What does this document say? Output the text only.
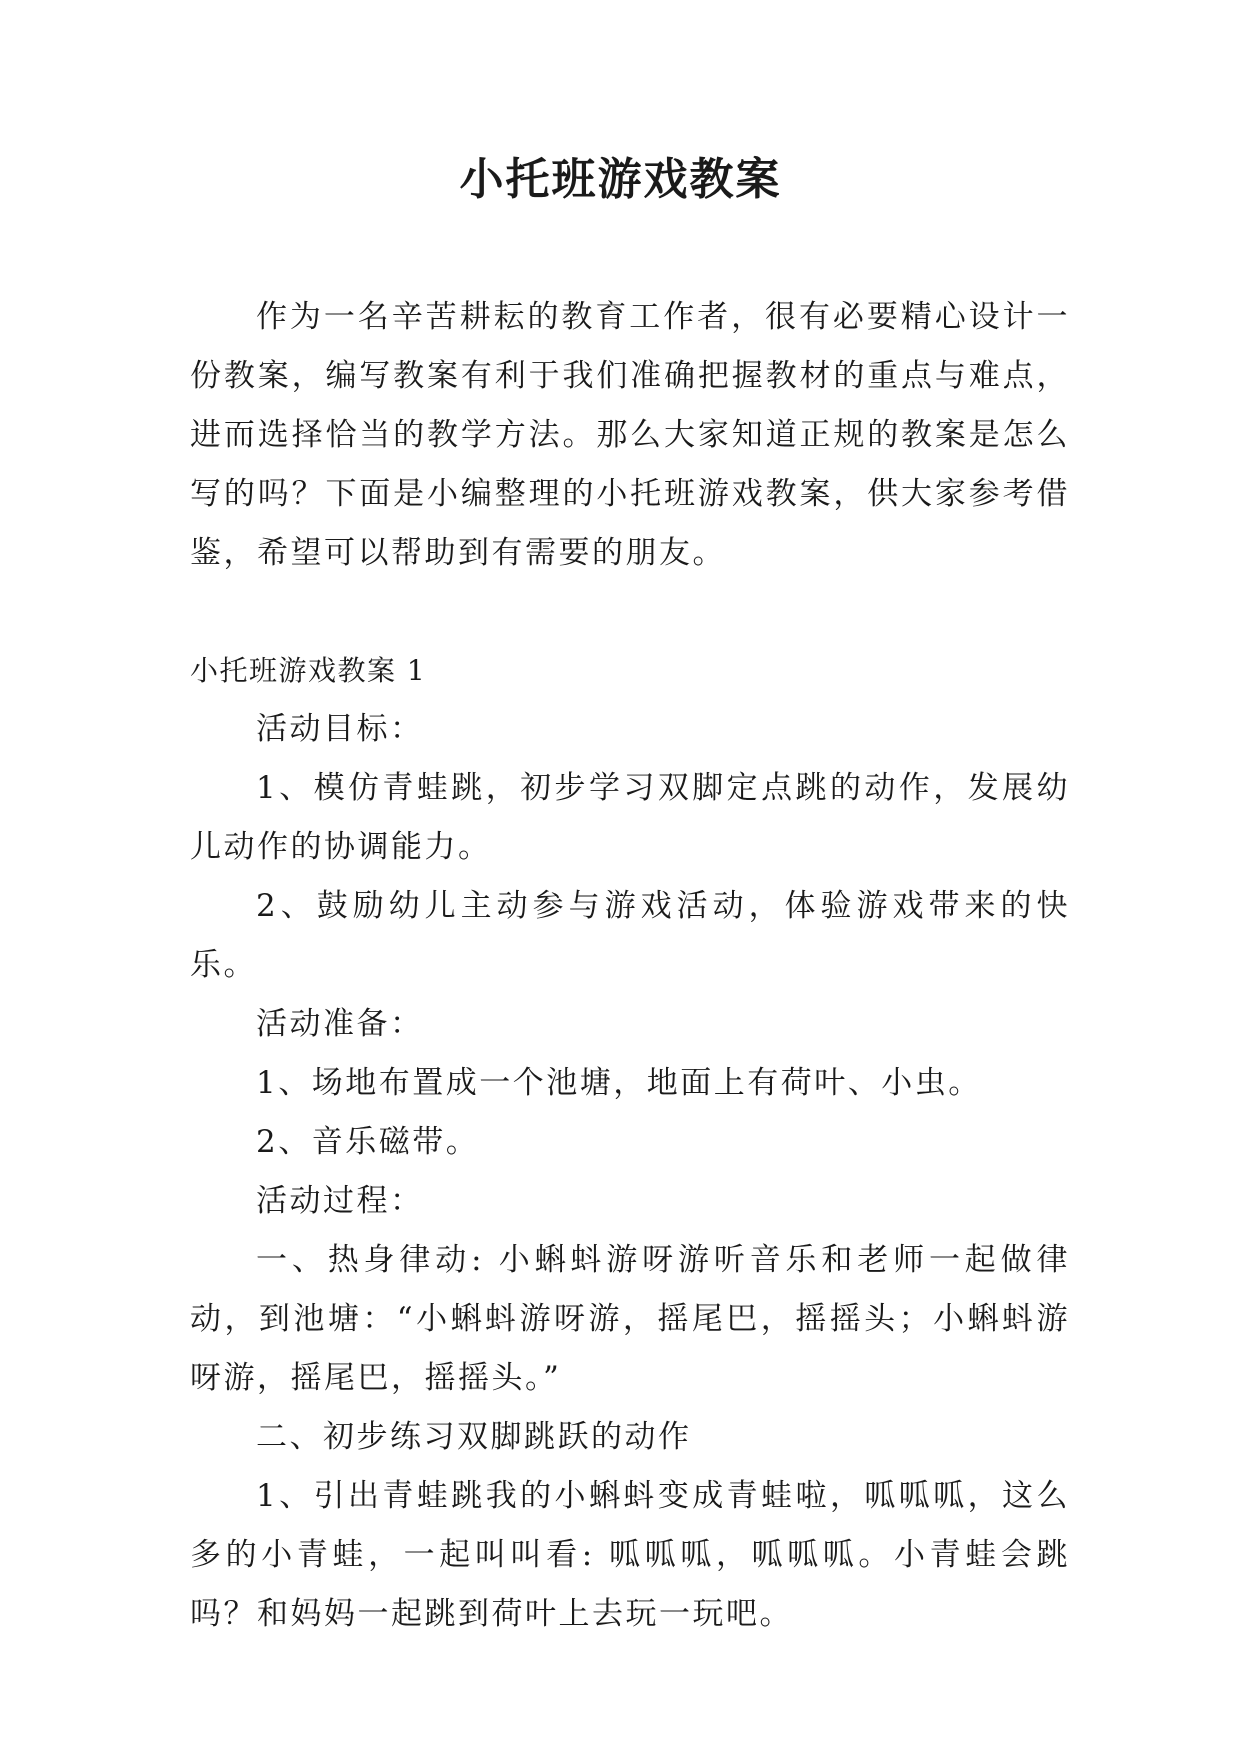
小托班游戏教案

作为一名辛苦耕耘的教育工作者，很有必要精心设计一份教案，编写教案有利于我们准确把握教材的重点与难点，进而选择恰当的教学方法。那么大家知道正规的教案是怎么写的吗？下面是小编整理的小托班游戏教案，供大家参考借鉴，希望可以帮助到有需要的朋友。

小托班游戏教案 1

活动目标：

1、模仿青蛙跳，初步学习双脚定点跳的动作，发展幼儿动作的协调能力。

2、鼓励幼儿主动参与游戏活动，体验游戏带来的快乐。

活动准备：

1、场地布置成一个池塘，地面上有荷叶、小虫。

2、音乐磁带。

活动过程：

一、热身律动: 小蝌蚪游呀游听音乐和老师一起做律动，到池塘：“小蝌蚪游呀游，摇尾巴，摇摇头；小蝌蚪游呀游，摇尾巴，摇摇头。”

二、初步练习双脚跳跃的动作

1、引出青蛙跳我的小蝌蚪变成青蛙啦，呱呱呱，这么多的小青蛙，一起叫叫看: 呱呱呱，呱呱呱。小青蛙会跳吗？和妈妈一起跳到荷叶上去玩一玩吧。
